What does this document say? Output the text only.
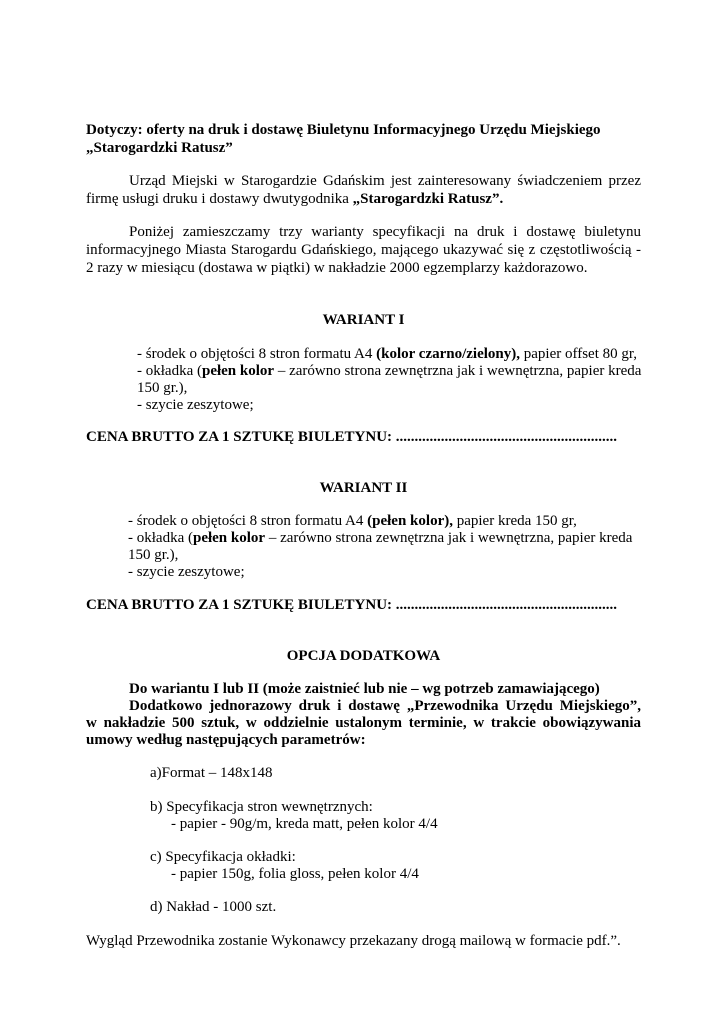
Dotyczy: oferty na druk i dostawę Biuletynu Informacyjnego Urzędu Miejskiego
„Starogardzki Ratusz”
Urząd Miejski w Starogardzie Gdańskim jest zainteresowany świadczeniem przez
firmę usługi druku i dostawy dwutygodnika „Starogardzki Ratusz”.
Poniżej zamieszczamy trzy warianty specyfikacji na druk i dostawę biuletynu
informacyjnego Miasta Starogardu Gdańskiego, mającego ukazywać się z częstotliwością -
2 razy w miesiącu (dostawa w piątki) w nakładzie 2000 egzemplarzy każdorazowo.
WARIANT I
- środek o objętości 8 stron formatu A4 (kolor czarno/zielony), papier offset 80 gr,
- okładka (pełen kolor – zarówno strona zewnętrzna jak i wewnętrzna, papier kreda
150 gr.),
- szycie zeszytowe;
CENA BRUTTO ZA 1 SZTUKĘ BIULETYNU: ...........................................................
WARIANT II
- środek o objętości 8 stron formatu A4 (pełen kolor), papier kreda 150 gr,
- okładka (pełen kolor – zarówno strona zewnętrzna jak i wewnętrzna, papier kreda
150 gr.),
- szycie zeszytowe;
CENA BRUTTO ZA 1 SZTUKĘ BIULETYNU: ...........................................................
OPCJA DODATKOWA
Do wariantu I lub II (może zaistnieć lub nie – wg potrzeb zamawiającego)
Dodatkowo jednorazowy druk i dostawę „Przewodnika Urzędu Miejskiego”,
w nakładzie 500 sztuk, w oddzielnie ustalonym terminie, w trakcie obowiązywania
umowy według następujących parametrów:
a)Format – 148x148
b) Specyfikacja stron wewnętrznych:
- papier - 90g/m, kreda matt, pełen kolor 4/4
c) Specyfikacja okładki:
- papier 150g, folia gloss, pełen kolor 4/4
d) Nakład - 1000 szt.
Wygląd Przewodnika zostanie Wykonawcy przekazany drogą mailową w formacie pdf.”.
